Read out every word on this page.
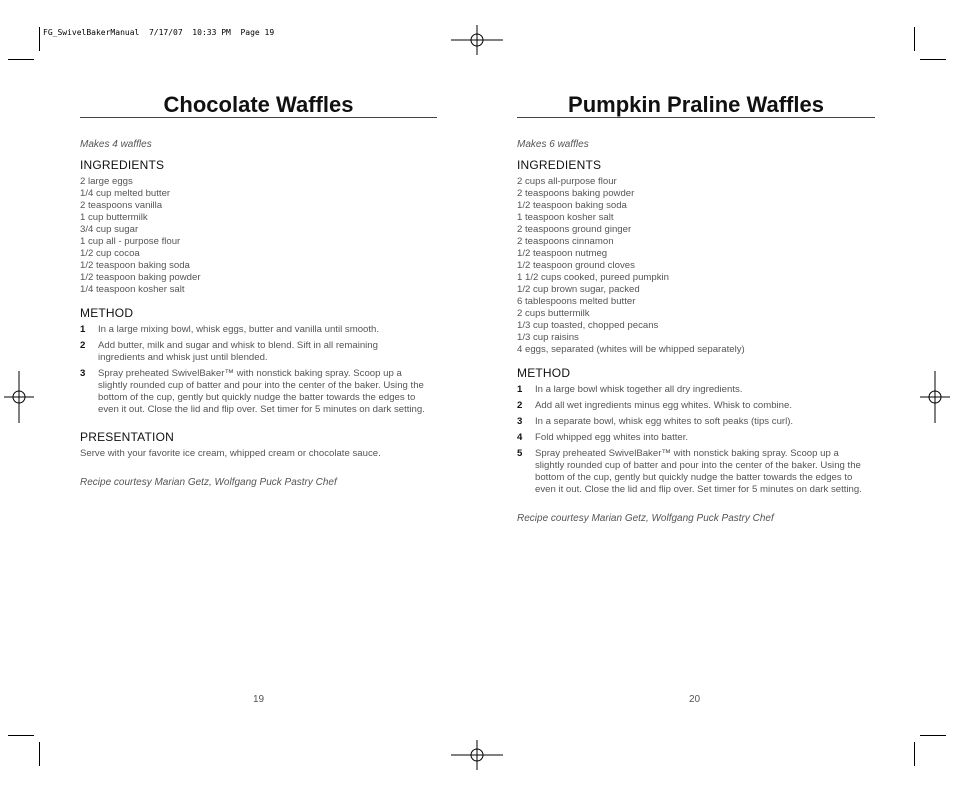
FG_SwivelBakerManual  7/17/07  10:33 PM  Page 19
Chocolate Waffles
Makes 4 waffles
INGREDIENTS
2 large eggs
1/4 cup melted butter
2 teaspoons vanilla
1 cup buttermilk
3/4 cup sugar
1 cup all - purpose flour
1/2 cup cocoa
1/2 teaspoon baking soda
1/2 teaspoon baking powder
1/4 teaspoon kosher salt
METHOD
1	In a large mixing bowl, whisk eggs, butter and vanilla until smooth.
2	Add butter, milk and sugar and whisk to blend. Sift in all remaining ingredients and whisk just until blended.
3	Spray preheated SwivelBaker™ with nonstick baking spray. Scoop up a slightly rounded cup of batter and pour into the center of the baker. Using the bottom of the cup, gently but quickly nudge the batter towards the edges to even it out. Close the lid and flip over. Set timer for 5 minutes on dark setting.
PRESENTATION
Serve with your favorite ice cream, whipped cream or chocolate sauce.
Recipe courtesy Marian Getz, Wolfgang Puck Pastry Chef
19
Pumpkin Praline Waffles
Makes 6 waffles
INGREDIENTS
2 cups all-purpose flour
2 teaspoons baking powder
1/2 teaspoon baking soda
1 teaspoon kosher salt
2 teaspoons ground ginger
2 teaspoons cinnamon
1/2 teaspoon nutmeg
1/2 teaspoon ground cloves
1 1/2 cups cooked, pureed pumpkin
1/2 cup brown sugar, packed
6 tablespoons melted butter
2 cups buttermilk
1/3 cup toasted, chopped pecans
1/3 cup raisins
4 eggs, separated (whites will be whipped separately)
METHOD
1	In a large bowl whisk together all dry ingredients.
2	Add all wet ingredients minus egg whites. Whisk to combine.
3	In a separate bowl, whisk egg whites to soft peaks (tips curl).
4	Fold whipped egg whites into batter.
5	Spray preheated SwivelBaker™ with nonstick baking spray. Scoop up a slightly rounded cup of batter and pour into the center of the baker. Using the bottom of the cup, gently but quickly nudge the batter towards the edges to even it out. Close the lid and flip over. Set timer for 5 minutes on dark setting.
Recipe courtesy Marian Getz, Wolfgang Puck Pastry Chef
20
